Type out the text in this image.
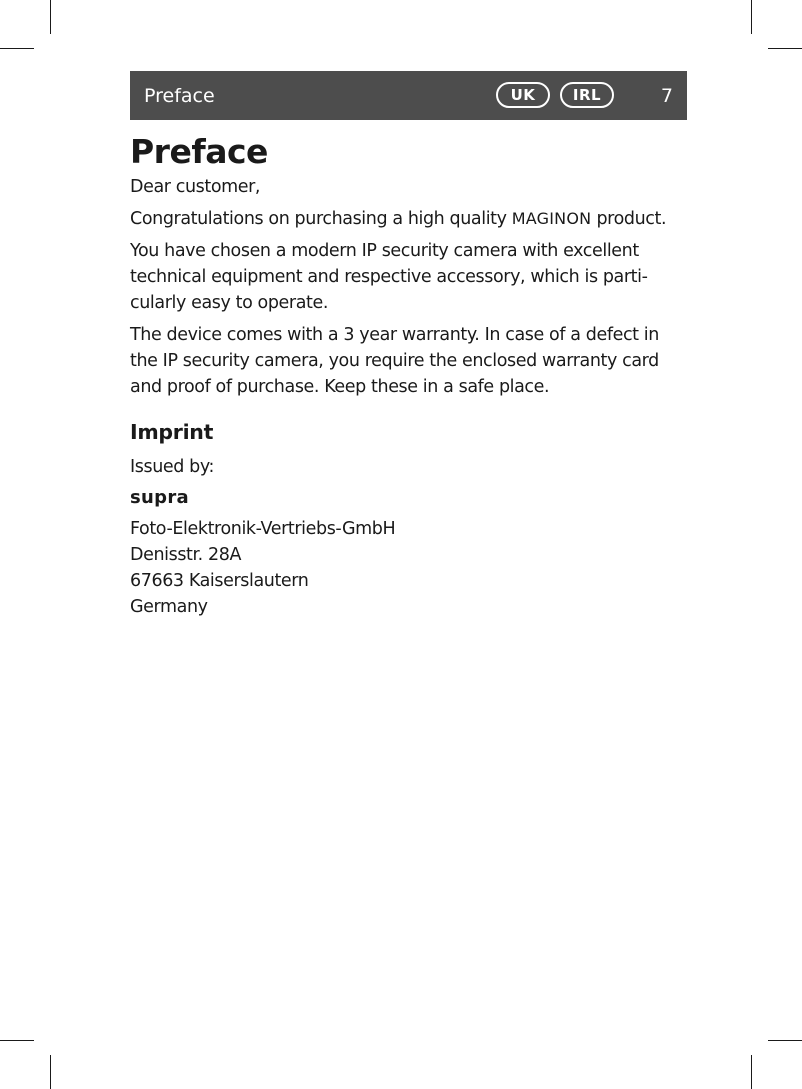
Preface	UK	IRL	7
Preface

Dear customer,

Congratulations on purchasing a high quality MAGINON product.

You have chosen a modern IP security camera with excellent technical equipment and respective accessory, which is parti-cularly easy to operate.

The device comes with a 3 year warranty. In case of a defect in the IP security camera, you require the enclosed warranty card and proof of purchase. Keep these in a safe place.

Imprint

Issued by:

supra
Foto-Elektronik-Vertriebs-GmbH
Denisstr. 28A
67663 Kaiserslautern
Germany
